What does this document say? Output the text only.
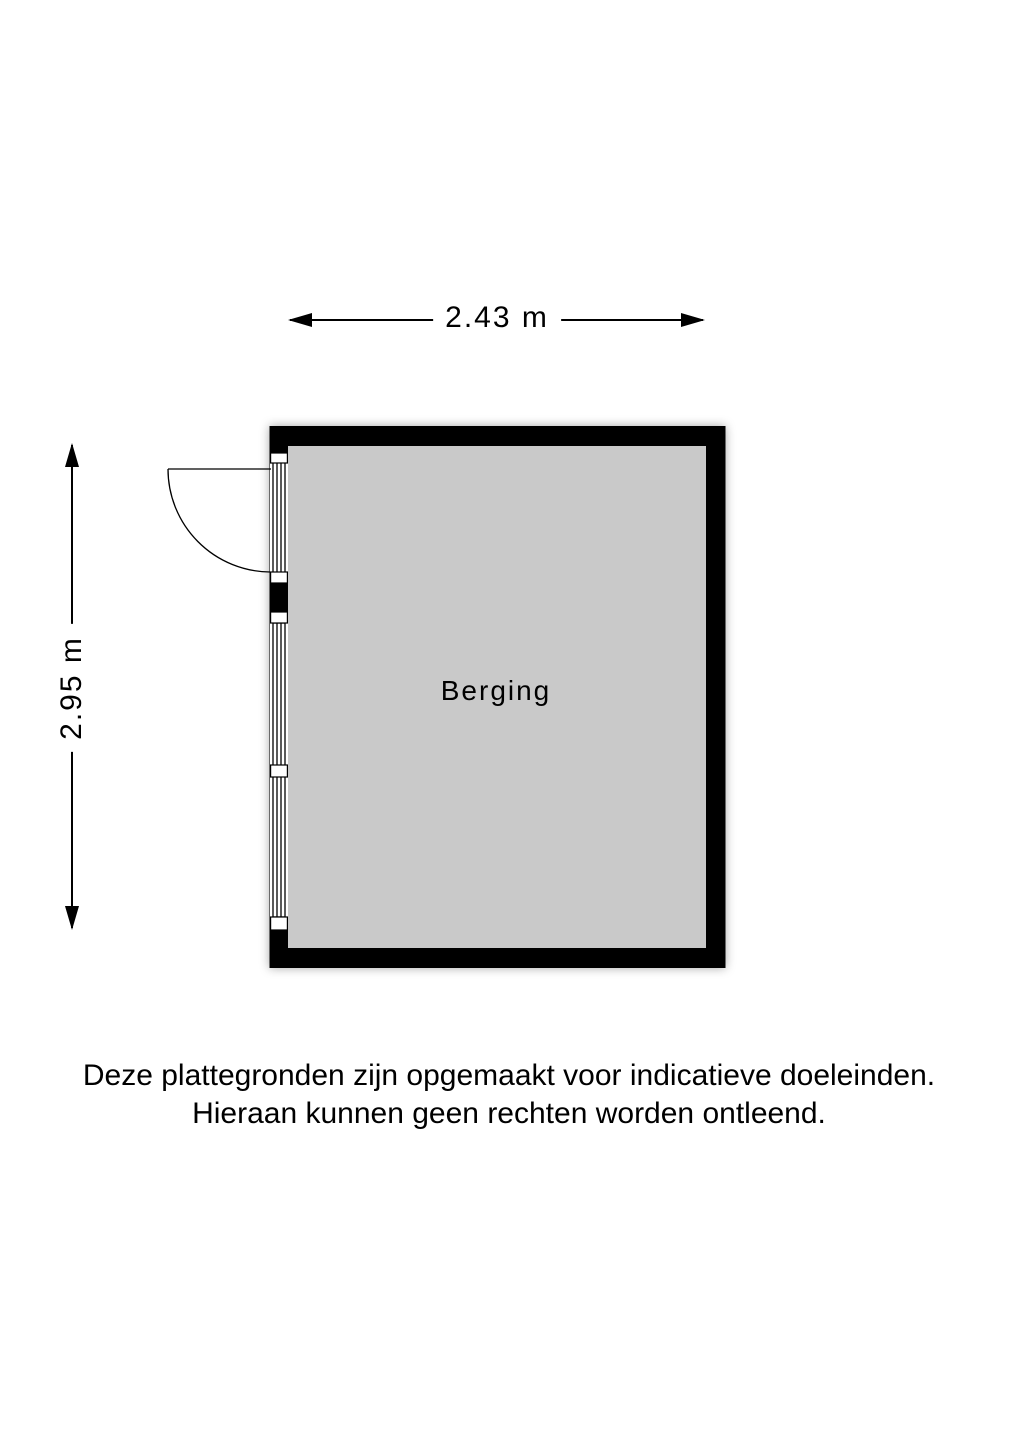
2.43 m
2.95 m	Berging
Deze plattegronden zijn opgemaakt voor indicatieve doeleinden.
Hieraan kunnen geen rechten worden ontleend.
